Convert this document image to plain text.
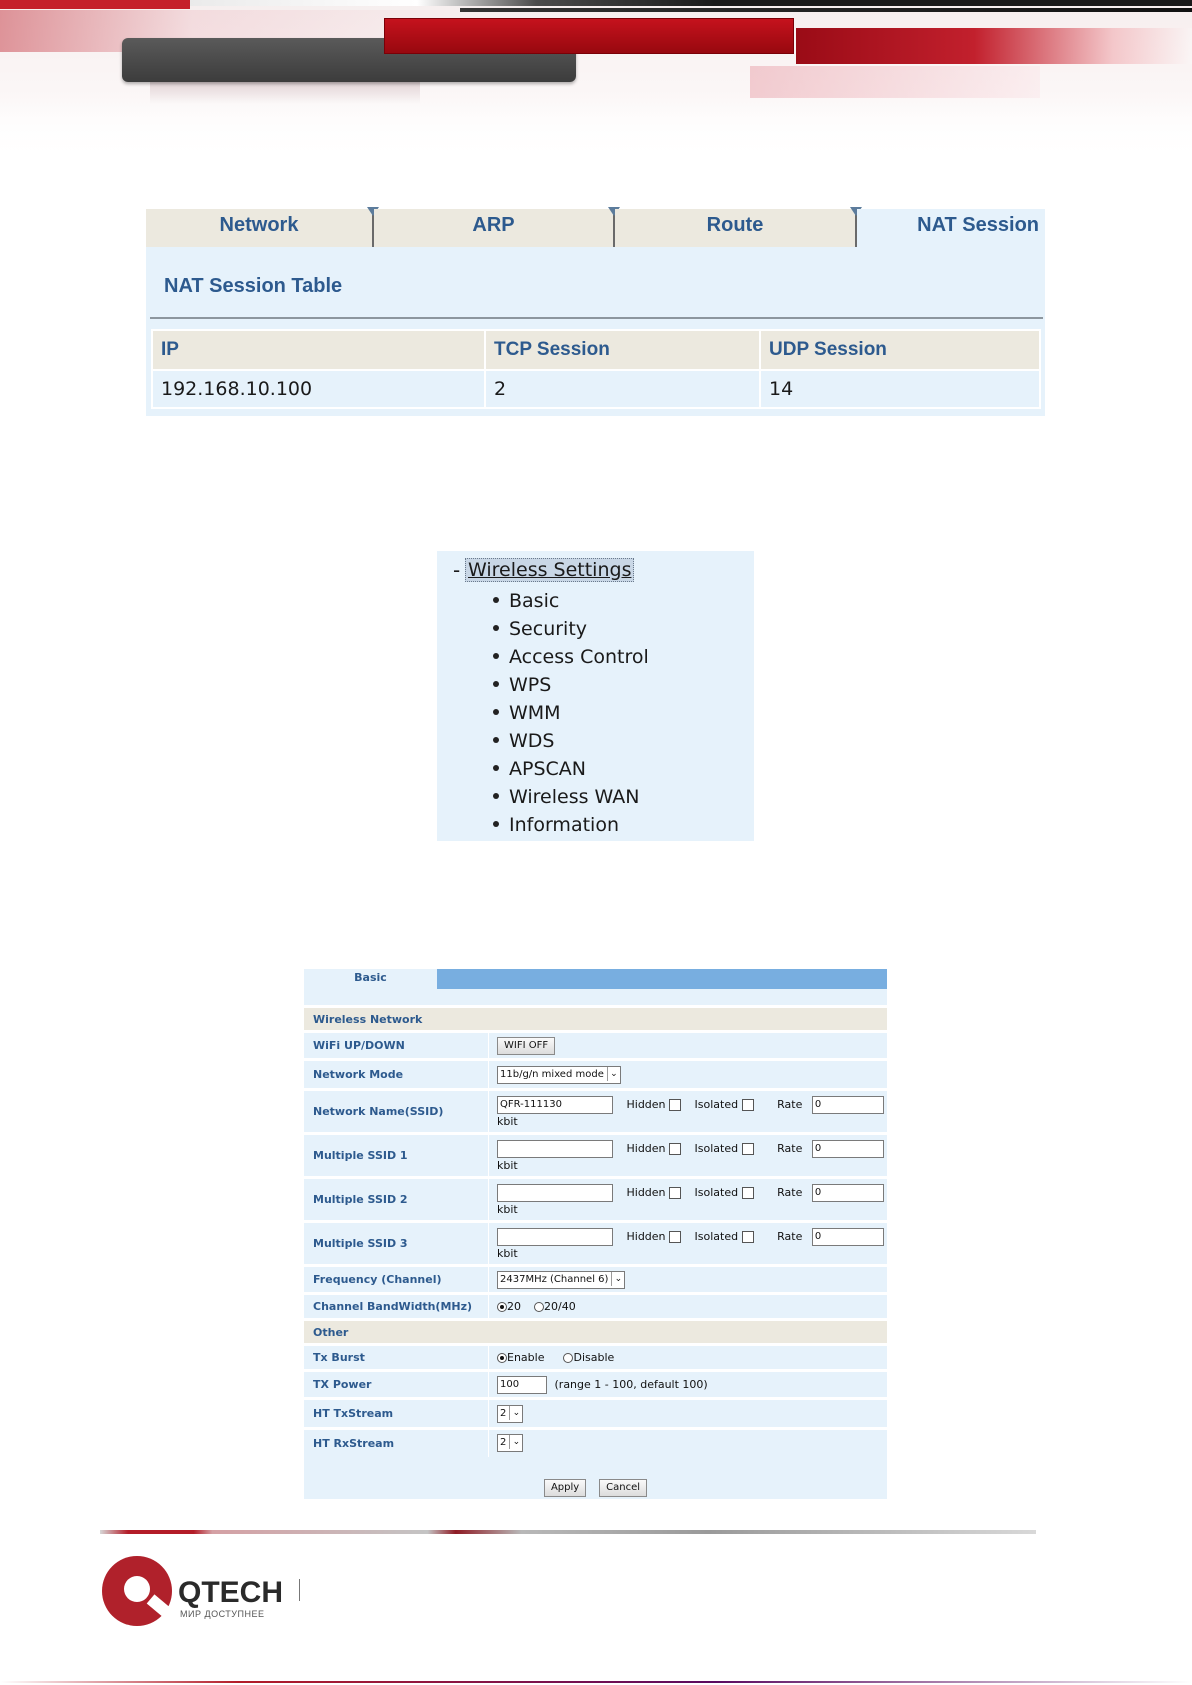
Network	ARP	Route	NAT Session
NAT Session Table
IP	TCP Session	UDP Session
192.168.10.100	2	14
- Wireless Settings
Basic
Security
Access Control
WPS
WMM
WDS
APSCAN
Wireless WAN
Information
Basic
Wireless Network	
WiFi UP/DOWN	WIFI OFF
Network Mode	11b/g/n mixed mode ⌄
Network Name(SSID)	QFR-111130 Hidden Isolated Rate 0
kbit

Multiple SSID 1	Hidden Isolated Rate 0
kbit

Multiple SSID 2	Hidden Isolated Rate 0
kbit

Multiple SSID 3	Hidden Isolated Rate 0
kbit

Frequency (Channel)	2437MHz (Channel 6) ⌄
Channel BandWidth(MHz)	20 20/40
Other	
Tx Burst	Enable Disable
TX Power	100 (range 1 - 100, default 100)
HT TxStream	2 ⌄
HT RxStream	2 ⌄
Apply	Cancel
QTECH
МИР ДОСТУПНЕЕ
